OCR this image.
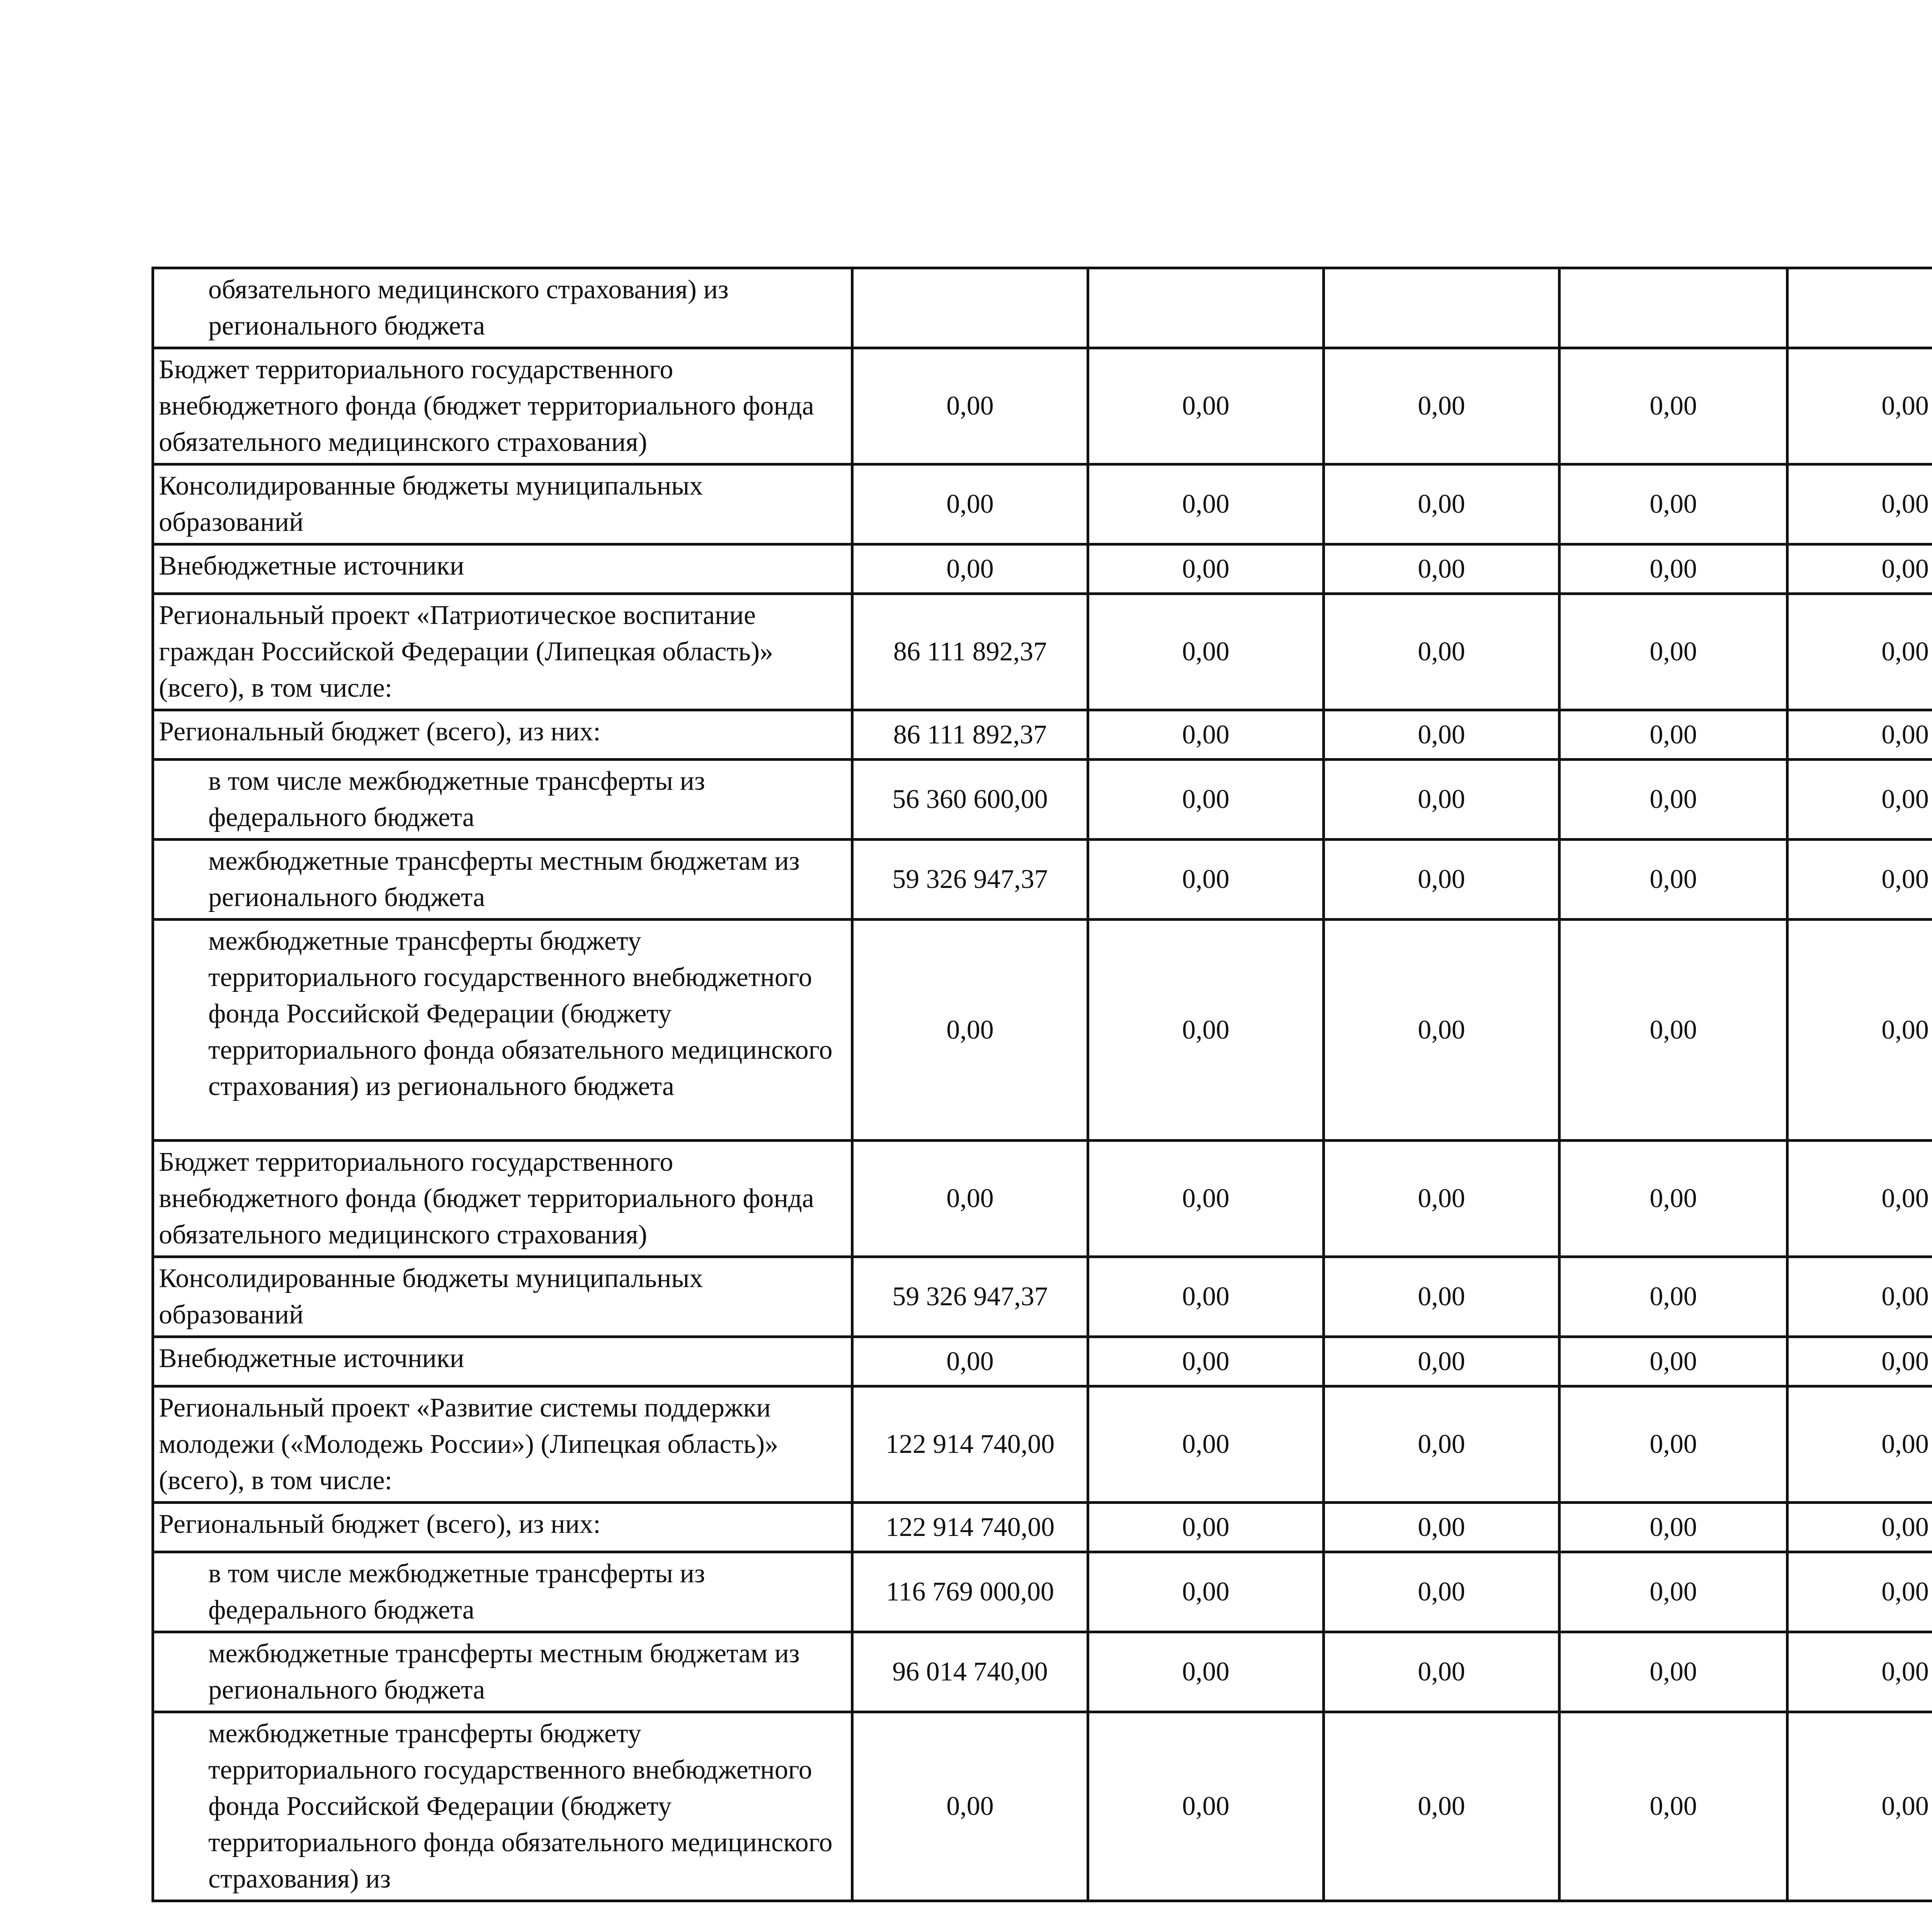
обязательного медицинского страхования) из регионального бюджета								
Бюджет территориального государственного внебюджетного фонда (бюджет территориального фонда обязательного медицинского страхования)	0,00	0,00	0,00	0,00	0,00			
Консолидированные бюджеты муниципальных образований	0,00	0,00	0,00	0,00	0,00			
Внебюджетные источники	0,00	0,00	0,00	0,00	0,00			
Региональный проект «Патриотическое воспитание граждан Российской Федерации (Липецкая область)» (всего), в том числе:	86 111 892,37	0,00	0,00	0,00	0,00			
Региональный бюджет (всего), из них:	86 111 892,37	0,00	0,00	0,00	0,00			
в том числе межбюджетные трансферты из федерального бюджета	56 360 600,00	0,00	0,00	0,00	0,00			
межбюджетные трансферты местным бюджетам из регионального бюджета	59 326 947,37	0,00	0,00	0,00	0,00			
межбюджетные трансферты бюджету территориального государственного внебюджетного фонда Российской Федерации (бюджету территориального фонда обязательного медицинского страхования) из регионального бюджета	0,00	0,00	0,00	0,00	0,00			
Бюджет территориального государственного внебюджетного фонда (бюджет территориального фонда обязательного медицинского страхования)	0,00	0,00	0,00	0,00	0,00			
Консолидированные бюджеты муниципальных образований	59 326 947,37	0,00	0,00	0,00	0,00			
Внебюджетные источники	0,00	0,00	0,00	0,00	0,00			
Региональный проект «Развитие системы поддержки молодежи («Молодежь России») (Липецкая область)» (всего), в том числе:	122 914 740,00	0,00	0,00	0,00	0,00			
Региональный бюджет (всего), из них:	122 914 740,00	0,00	0,00	0,00	0,00			
в том числе межбюджетные трансферты из федерального бюджета	116 769 000,00	0,00	0,00	0,00	0,00			
межбюджетные трансферты местным бюджетам из регионального бюджета	96 014 740,00	0,00	0,00	0,00	0,00			
межбюджетные трансферты бюджету территориального государственного внебюджетного фонда Российской Федерации (бюджету территориального фонда обязательного медицинского страхования) из	0,00	0,00	0,00	0,00	0,00			
